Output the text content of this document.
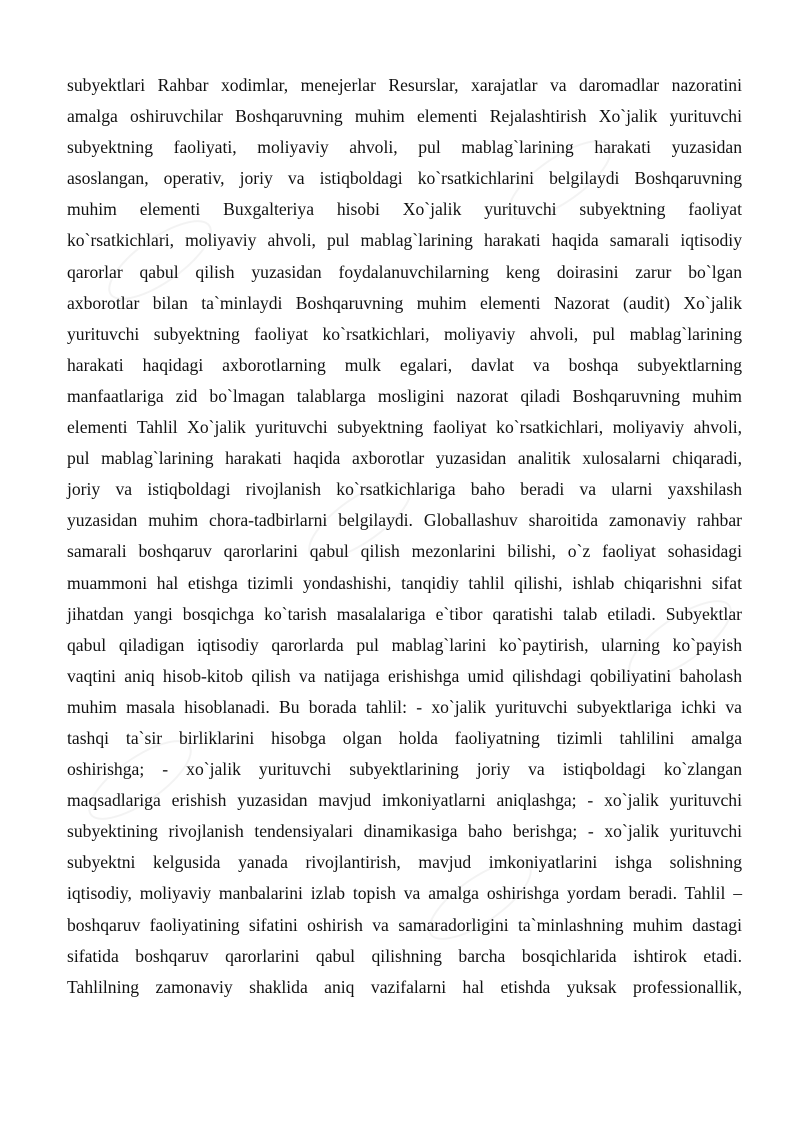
subyektlari Rahbar xodimlar, menejerlar Resurslar, xarajatlar va daromadlar nazoratini
amalga oshiruvchilar Boshqaruvning muhim elementi Rejalashtirish Xo`jalik yurituvchi
subyektning faoliyati, moliyaviy ahvoli, pul mablag`larining harakati yuzasidan
asoslangan, operativ, joriy va istiqboldagi ko`rsatkichlarini belgilaydi Boshqaruvning
muhim elementi Buxgalteriya hisobi Xo`jalik yurituvchi subyektning faoliyat
ko`rsatkichlari, moliyaviy ahvoli, pul mablag`larining harakati haqida samarali iqtisodiy
qarorlar qabul qilish yuzasidan foydalanuvchilarning keng doirasini zarur bo`lgan
axborotlar bilan ta`minlaydi Boshqaruvning muhim elementi Nazorat (audit) Xo`jalik
yurituvchi subyektning faoliyat ko`rsatkichlari, moliyaviy ahvoli, pul mablag`larining
harakati haqidagi axborotlarning mulk egalari, davlat va boshqa subyektlarning
manfaatlariga zid bo`lmagan talablarga mosligini nazorat qiladi Boshqaruvning muhim
elementi Tahlil Xo`jalik yurituvchi subyektning faoliyat ko`rsatkichlari, moliyaviy ahvoli,
pul mablag`larining harakati haqida axborotlar yuzasidan analitik xulosalarni chiqaradi,
joriy va istiqboldagi rivojlanish ko`rsatkichlariga baho beradi va ularni yaxshilash
yuzasidan muhim chora-tadbirlarni belgilaydi. Globallashuv sharoitida zamonaviy rahbar
samarali boshqaruv qarorlarini qabul qilish mezonlarini bilishi, o`z faoliyat sohasidagi
muammoni hal etishga tizimli yondashishi, tanqidiy tahlil qilishi, ishlab chiqarishni sifat
jihatdan yangi bosqichga ko`tarish masalalariga e`tibor qaratishi talab etiladi. Subyektlar
qabul qiladigan iqtisodiy qarorlarda pul mablag`larini ko`paytirish, ularning ko`payish
vaqtini aniq hisob-kitob qilish va natijaga erishishga umid qilishdagi qobiliyatini baholash
muhim masala hisoblanadi. Bu borada tahlil: - xo`jalik yurituvchi subyektlariga ichki va
tashqi ta`sir birliklarini hisobga olgan holda faoliyatning tizimli tahlilini amalga
oshirishga; - xo`jalik yurituvchi subyektlarining joriy va istiqboldagi ko`zlangan
maqsadlariga erishish yuzasidan mavjud imkoniyatlarni aniqlashga; - xo`jalik yurituvchi
subyektining rivojlanish tendensiyalari dinamikasiga baho berishga; - xo`jalik yurituvchi
subyektni kelgusida yanada rivojlantirish, mavjud imkoniyatlarini ishga solishning
iqtisodiy, moliyaviy manbalarini izlab topish va amalga oshirishga yordam beradi. Tahlil –
boshqaruv faoliyatining sifatini oshirish va samaradorligini ta`minlashning muhim dastagi
sifatida boshqaruv qarorlarini qabul qilishning barcha bosqichlarida ishtirok etadi.
Tahlilning zamonaviy shaklida aniq vazifalarni hal etishda yuksak professionallik,
